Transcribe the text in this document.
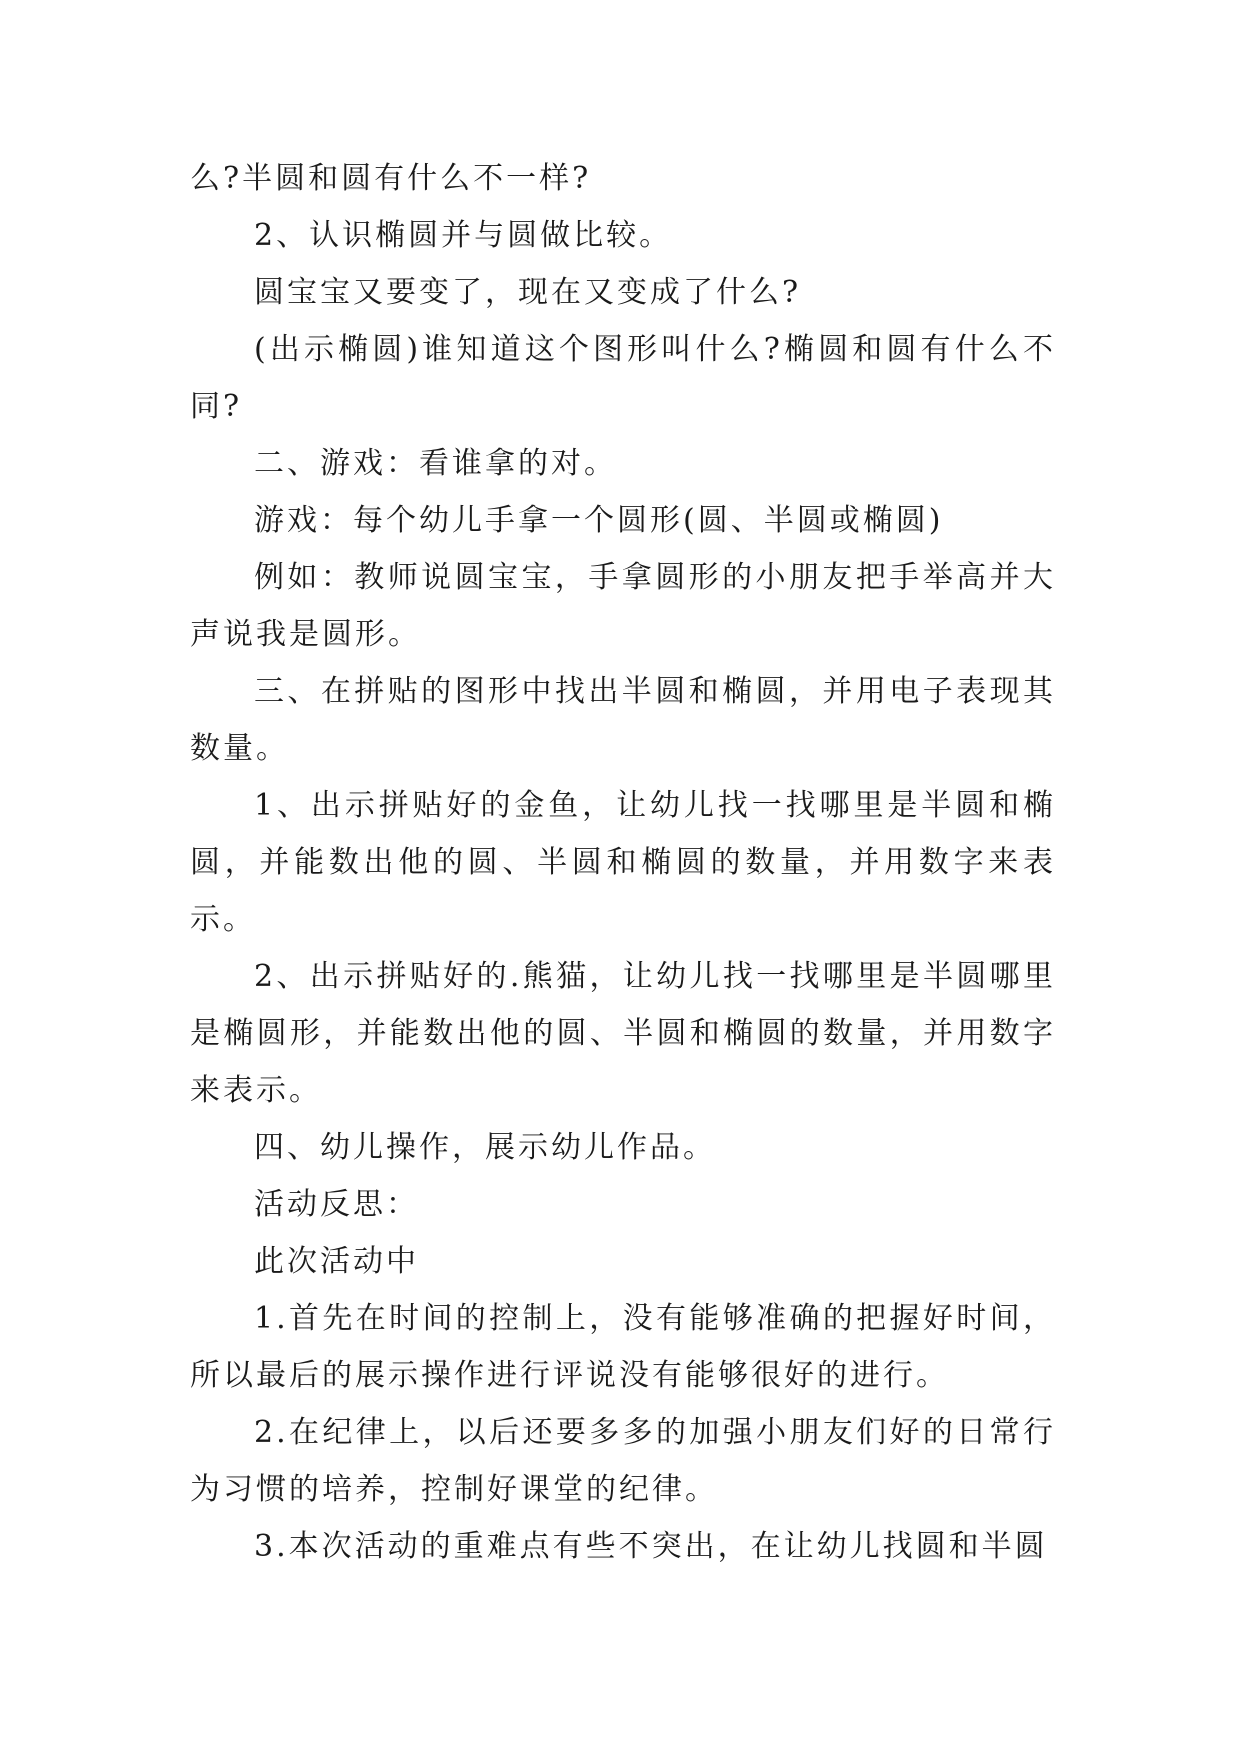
么?半圆和圆有什么不一样?

2、认识椭圆并与圆做比较。

圆宝宝又要变了，现在又变成了什么?

(出示椭圆)谁知道这个图形叫什么?椭圆和圆有什么不同?

二、游戏：看谁拿的对。

游戏：每个幼儿手拿一个圆形(圆、半圆或椭圆)

例如：教师说圆宝宝，手拿圆形的小朋友把手举高并大声说我是圆形。

三、在拼贴的图形中找出半圆和椭圆，并用电子表现其数量。

1、出示拼贴好的金鱼，让幼儿找一找哪里是半圆和椭圆，并能数出他的圆、半圆和椭圆的数量，并用数字来表示。

2、出示拼贴好的.熊猫，让幼儿找一找哪里是半圆哪里是椭圆形，并能数出他的圆、半圆和椭圆的数量，并用数字来表示。

四、幼儿操作，展示幼儿作品。

活动反思：

此次活动中

1.首先在时间的控制上，没有能够准确的把握好时间，所以最后的展示操作进行评说没有能够很好的进行。

2.在纪律上，以后还要多多的加强小朋友们好的日常行为习惯的培养，控制好课堂的纪律。

3.本次活动的重难点有些不突出，在让幼儿找圆和半圆
